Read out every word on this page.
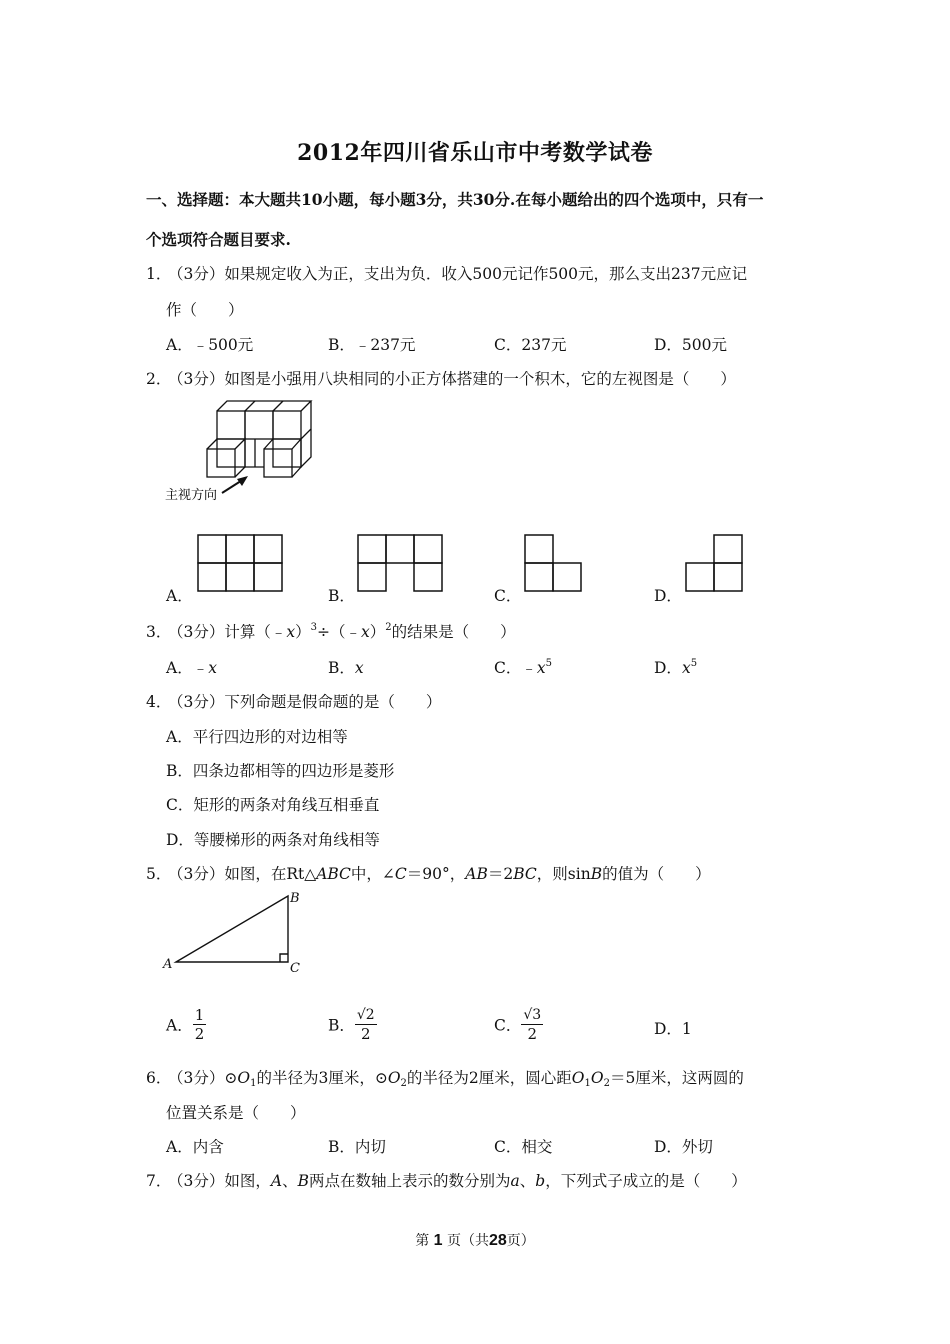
2012年四川省乐山市中考数学试卷
一、选择题：本大题共10小题，每小题3分，共30分.在每小题给出的四个选项中，只有一
个选项符合题目要求.
1．（3分）如果规定收入为正，支出为负．收入500元记作500元，那么支出237元应记
作（　　）
A．﹣500元	B．﹣237元	C．237元	D．500元
2．（3分）如图是小强用八块相同的小正方体搭建的一个积木，它的左视图是（　　）
主视方向
A．	B．	C．	D．
3．（3分）计算（﹣x）$^3$÷（﹣x）$^2$的结果是（　　）
A．﹣x	B．x	C．$﹣x^5$	D．$x^5$
4．（3分）下列命题是假命题的是（　　）
A．平行四边形的对边相等
B．四条边都相等的四边形是菱形
C．矩形的两条对角线互相垂直
D．等腰梯形的两条对角线相等
5．（3分）如图，在Rt△ABC中，∠C＝90°，AB＝2BC，则sinB的值为（　　）
A
B
C
A． $\frac{1}{2}$	B． $\frac{√2}{2}$	C． $\frac{√3}{2}$	D．1
6．（3分）$⊙O_1$的半径为3厘米，$⊙O_2$的半径为2厘米，圆心距$O_1O_2=5$厘米，这两圆的
位置关系是（　　）
A．内含	B．内切	C．相交	D．外切
7．（3分）如图，A、B两点在数轴上表示的数分别为a、b，下列式子成立的是（　　）
第 1 页（共28页）
